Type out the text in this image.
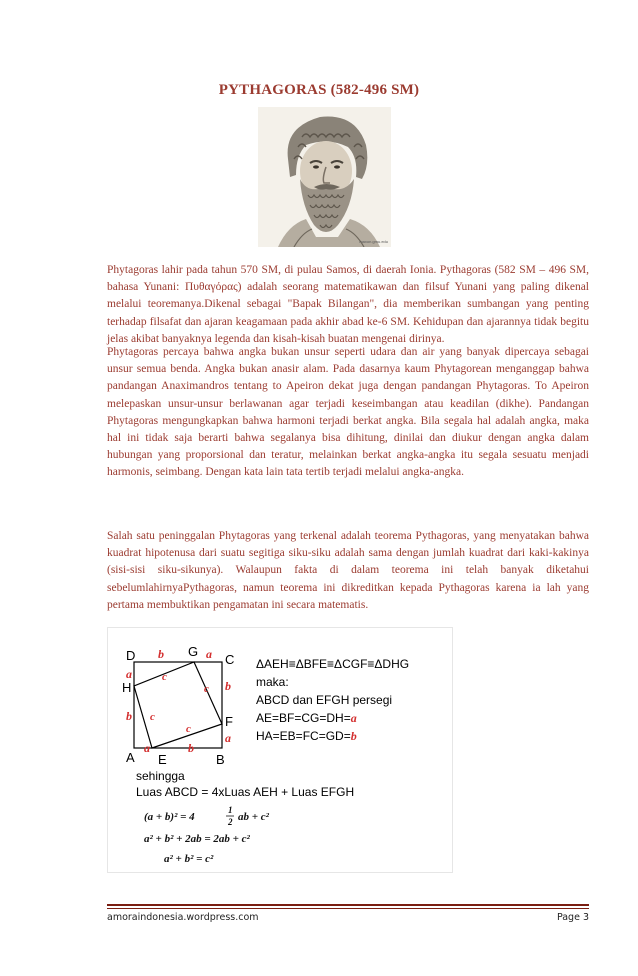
PYTHAGORAS (582-496 SM)
maxon.gmu.edu

Phytagoras lahir pada tahun 570 SM, di pulau Samos, di daerah Ionia. Pythagoras (582 SM – 496 SM, bahasa Yunani: Πυθαγόρας) adalah seorang matematikawan dan filsuf Yunani yang paling dikenal melalui teoremanya.Dikenal sebagai "Bapak Bilangan", dia memberikan sumbangan yang penting terhadap filsafat dan ajaran keagamaan pada akhir abad ke-6 SM. Kehidupan dan ajarannya tidak begitu jelas akibat banyaknya legenda dan kisah-kisah buatan mengenai dirinya.

Phytagoras percaya bahwa angka bukan unsur seperti udara dan air yang banyak dipercaya sebagai unsur semua benda. Angka bukan anasir alam. Pada dasarnya kaum Phytagorean menganggap bahwa pandangan Anaximandros tentang to Apeiron dekat juga dengan pandangan Phytagoras. To Apeiron melepaskan unsur-unsur berlawanan agar terjadi keseimbangan atau keadilan (dikhe). Pandangan Phytagoras mengungkapkan bahwa harmoni terjadi berkat angka. Bila segala hal adalah angka, maka hal ini tidak saja berarti bahwa segalanya bisa dihitung, dinilai dan diukur dengan angka dalam hubungan yang proporsional dan teratur, melainkan berkat angka-angka itu segala sesuatu menjadi harmonis, seimbang. Dengan kata lain tata tertib terjadi melalui angka-angka.

Salah satu peninggalan Phytagoras yang terkenal adalah teorema Pythagoras, yang menyatakan bahwa kuadrat hipotenusa dari suatu segitiga siku-siku adalah sama dengan jumlah kuadrat dari kaki-kakinya (sisi-sisi siku-sikunya). Walaupun fakta di dalam teorema ini telah banyak diketahui sebelumlahirnyaPythagoras, namun teorema ini dikreditkan kepada Pythagoras karena ia lah yang pertama membuktikan pengamatan ini secara matematis.

D	G
C
H
F
A E	B
b	a
b
a
a
b
a	b
c
c
c
c
ΔAEH≡ΔBFE≡ΔCGF≡ΔDHG
maka:
ABCD dan EFGH persegi
AE=BF=CG=DH=a
HA=EB=FC=GD=b
sehingga
Luas ABCD = 4xLuas AEH + Luas EFGH
(a + b)² = 4
1
2 ab + c²
a² + b² + 2ab = 2ab + c²
a² + b² = c²
amoraindonesia.wordpress.com	Page 3
